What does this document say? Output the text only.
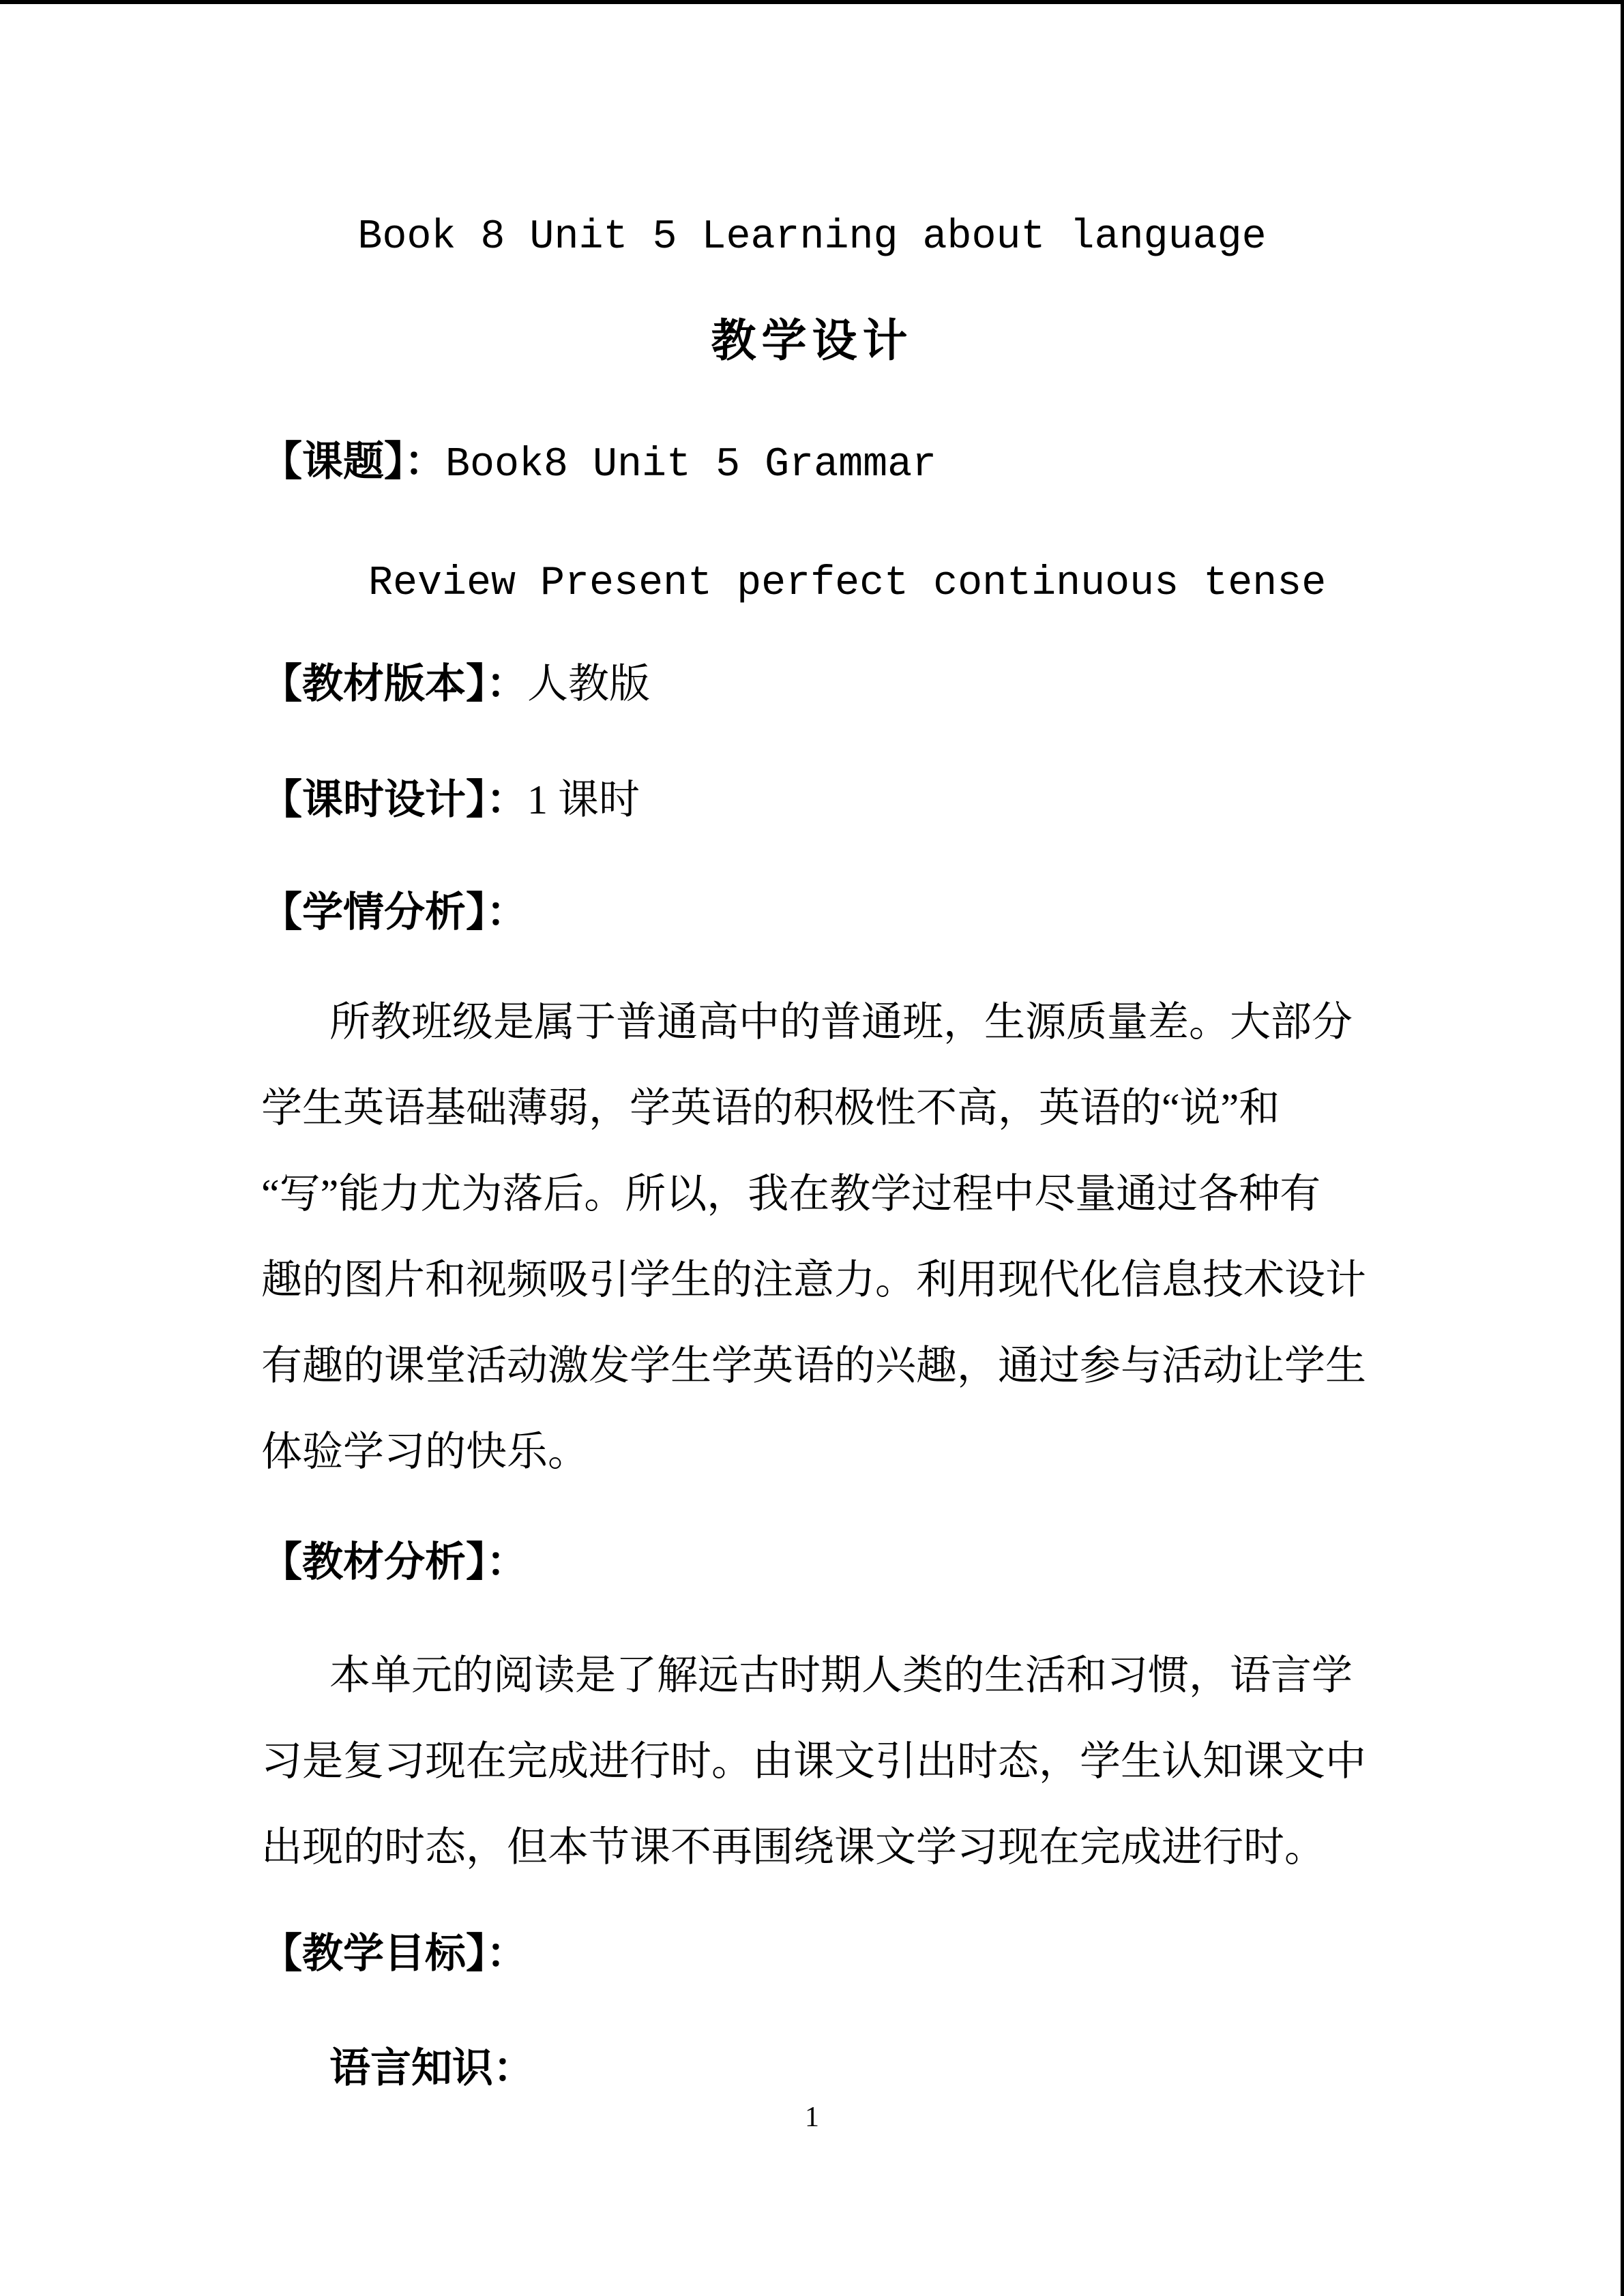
Book 8 Unit 5 Learning about language
教学设计
【课题】：Book8 Unit 5 Grammar
Review Present perfect continuous tense
【教材版本】：人教版
【课时设计】：1 课时
【学情分析】：
所教班级是属于普通高中的普通班，生源质量差。大部分
学生英语基础薄弱，学英语的积极性不高，英语的“说”和
“写”能力尤为落后。所以，我在教学过程中尽量通过各种有
趣的图片和视频吸引学生的注意力。利用现代化信息技术设计
有趣的课堂活动激发学生学英语的兴趣，通过参与活动让学生
体验学习的快乐。
【教材分析】：
本单元的阅读是了解远古时期人类的生活和习惯，语言学
习是复习现在完成进行时。由课文引出时态，学生认知课文中
出现的时态，但本节课不再围绕课文学习现在完成进行时。
【教学目标】：
语言知识：
1
